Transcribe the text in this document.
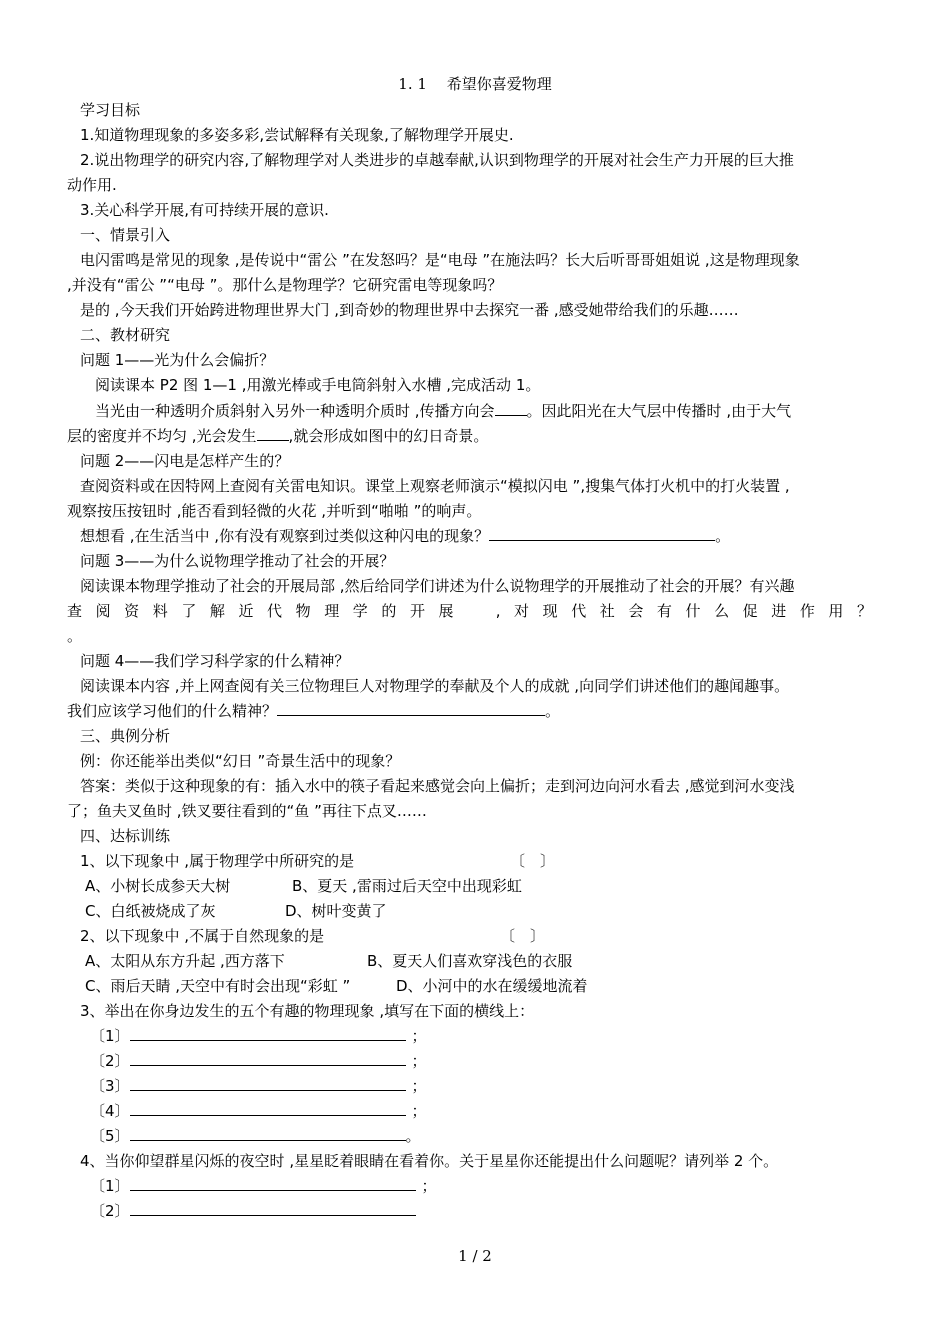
1. 1　 希望你喜爱物理
学习目标
1.知道物理现象的多姿多彩,尝试解释有关现象,了解物理学开展史.
2.说出物理学的研究内容,了解物理学对人类进步的卓越奉献,认识到物理学的开展对社会生产力开展的巨大推
动作用.
3.关心科学开展,有可持续开展的意识.
一、情景引入
电闪雷鸣是常见的现象 ,是传说中“雷公 ”在发怒吗？是“电母 ”在施法吗？长大后听哥哥姐姐说 ,这是物理现象
,并没有“雷公 ”“电母 ”。那什么是物理学？它研究雷电等现象吗？
是的 ,今天我们开始跨进物理世界大门 ,到奇妙的物理世界中去探究一番 ,感受她带给我们的乐趣……
二、教材研究
问题 1——光为什么会偏折？
阅读课本 P2 图 1—1 ,用激光棒或手电筒斜射入水槽 ,完成活动 1。
当光由一种透明介质斜射入另外一种透明介质时 ,传播方向会 。因此阳光在大气层中传播时 ,由于大气
层的密度并不均匀 ,光会发生 ,就会形成如图中的幻日奇景。
问题 2——闪电是怎样产生的？
查阅资料或在因特网上查阅有关雷电知识。课堂上观察老师演示“模拟闪电 ”,搜集气体打火机中的打火装置 ,
观察按压按钮时 ,能否看到轻微的火花 ,并听到“啪啪 ”的响声。
想想看 ,在生活当中 ,你有没有观察到过类似这种闪电的现象？	。
问题 3——为什么说物理学推动了社会的开展？
阅读课本物理学推动了社会的开展局部 ,然后给同学们讲述为什么说物理学的开展推动了社会的开展？有兴趣
查阅资料了解近代物理学的开展　,对现代社会有什么促进作用？
。
问题 4——我们学习科学家的什么精神？
阅读课本内容 ,并上网查阅有关三位物理巨人对物理学的奉献及个人的成就 ,向同学们讲述他们的趣闻趣事。
我们应该学习他们的什么精神？	。
三、典例分析
例：你还能举出类似“幻日 ”奇景生活中的现象？
答案：类似于这种现象的有：插入水中的筷子看起来感觉会向上偏折；走到河边向河水看去 ,感觉到河水变浅
了；鱼夫叉鱼时 ,铁叉要往看到的“鱼 ”再往下点叉……
四、达标训练
1、以下现象中 ,属于物理学中所研究的是	〔　〕
A、小树长成参天大树	B、夏天 ,雷雨过后天空中出现彩虹
C、白纸被烧成了灰	D、树叶变黄了
2、以下现象中 ,不属于自然现象的是	〔　〕
A、太阳从东方升起 ,西方落下	B、夏天人们喜欢穿浅色的衣服
C、雨后天睛 ,天空中有时会出现“彩虹 ”	D、小河中的水在缓缓地流着
3、举出在你身边发生的五个有趣的物理现象 ,填写在下面的横线上：
〔1〕	；
〔2〕	；
〔3〕	；
〔4〕	；
〔5〕	。
4、当你仰望群星闪烁的夜空时 ,星星眨着眼睛在看着你。关于星星你还能提出什么问题呢？请列举 2 个。
〔1〕	；
〔2〕
1 / 2
